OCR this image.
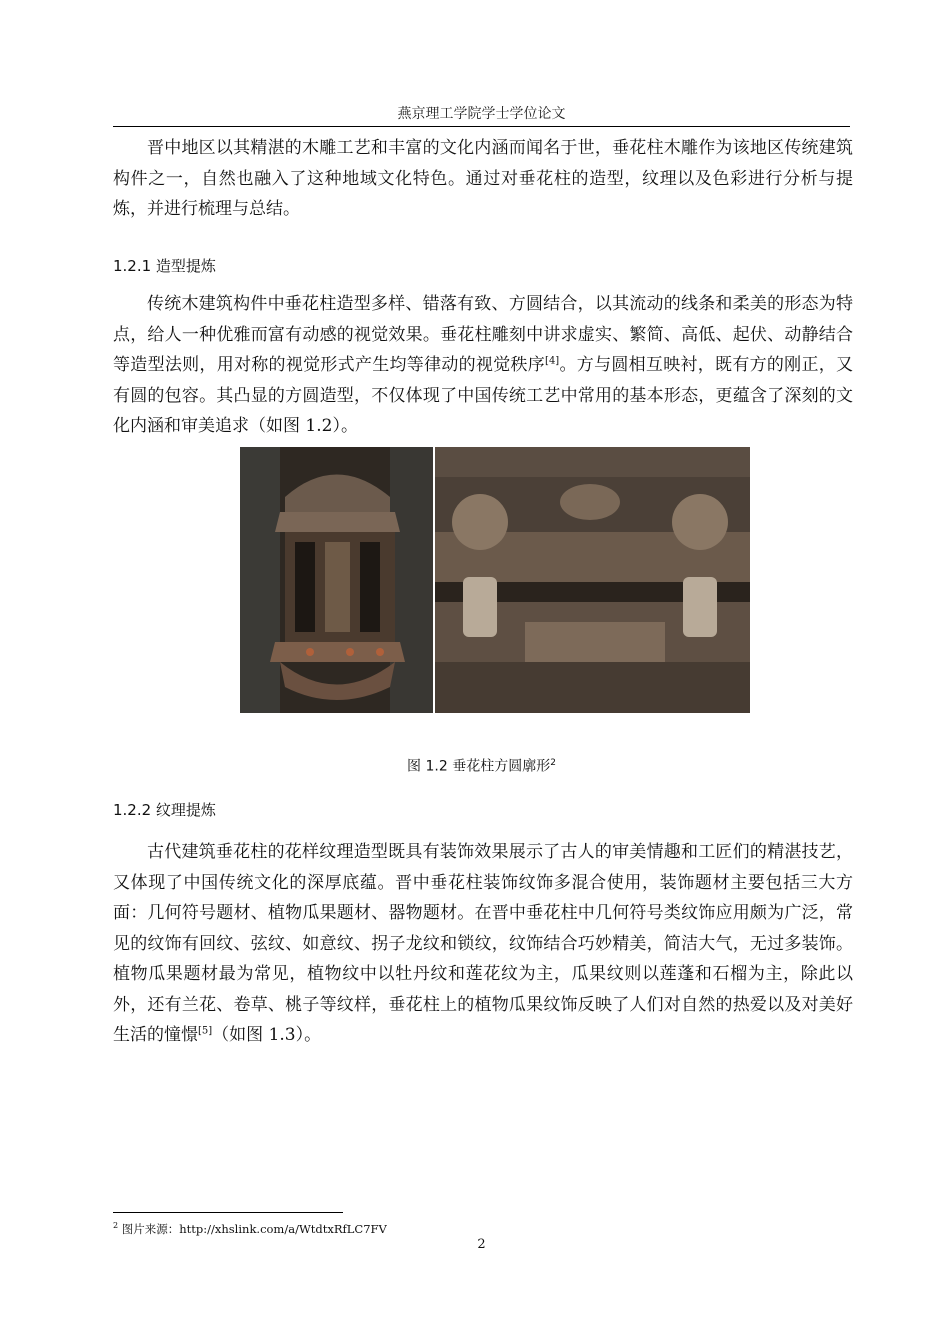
燕京理工学院学士学位论文

晋中地区以其精湛的木雕工艺和丰富的文化内涵而闻名于世，垂花柱木雕作为该地区传统建筑构件之一，自然也融入了这种地域文化特色。通过对垂花柱的造型，纹理以及色彩进行分析与提炼，并进行梳理与总结。

1.2.1 造型提炼

传统木建筑构件中垂花柱造型多样、错落有致、方圆结合，以其流动的线条和柔美的形态为特点，给人一种优雅而富有动感的视觉效果。垂花柱雕刻中讲求虚实、繁简、高低、起伏、动静结合等造型法则，用对称的视觉形式产生均等律动的视觉秩序[4]。方与圆相互映衬，既有方的刚正，又有圆的包容。其凸显的方圆造型，不仅体现了中国传统工艺中常用的基本形态，更蕴含了深刻的文化内涵和审美追求（如图 1.2）。

图 1.2 垂花柱方圆廓形$^2$

1.2.2 纹理提炼

古代建筑垂花柱的花样纹理造型既具有装饰效果展示了古人的审美情趣和工匠们的精湛技艺，又体现了中国传统文化的深厚底蕴。晋中垂花柱装饰纹饰多混合使用，装饰题材主要包括三大方面：几何符号题材、植物瓜果题材、器物题材。在晋中垂花柱中几何符号类纹饰应用颇为广泛，常见的纹饰有回纹、弦纹、如意纹、拐子龙纹和锁纹，纹饰结合巧妙精美，简洁大气，无过多装饰。植物瓜果题材最为常见，植物纹中以牡丹纹和莲花纹为主，瓜果纹则以莲蓬和石榴为主，除此以外，还有兰花、卷草、桃子等纹样，垂花柱上的植物瓜果纹饰反映了人们对自然的热爱以及对美好生活的憧憬[5]（如图 1.3）。

$^2$ 图片来源：http://xhslink.com/a/WtdtxRfLC7FV
2
